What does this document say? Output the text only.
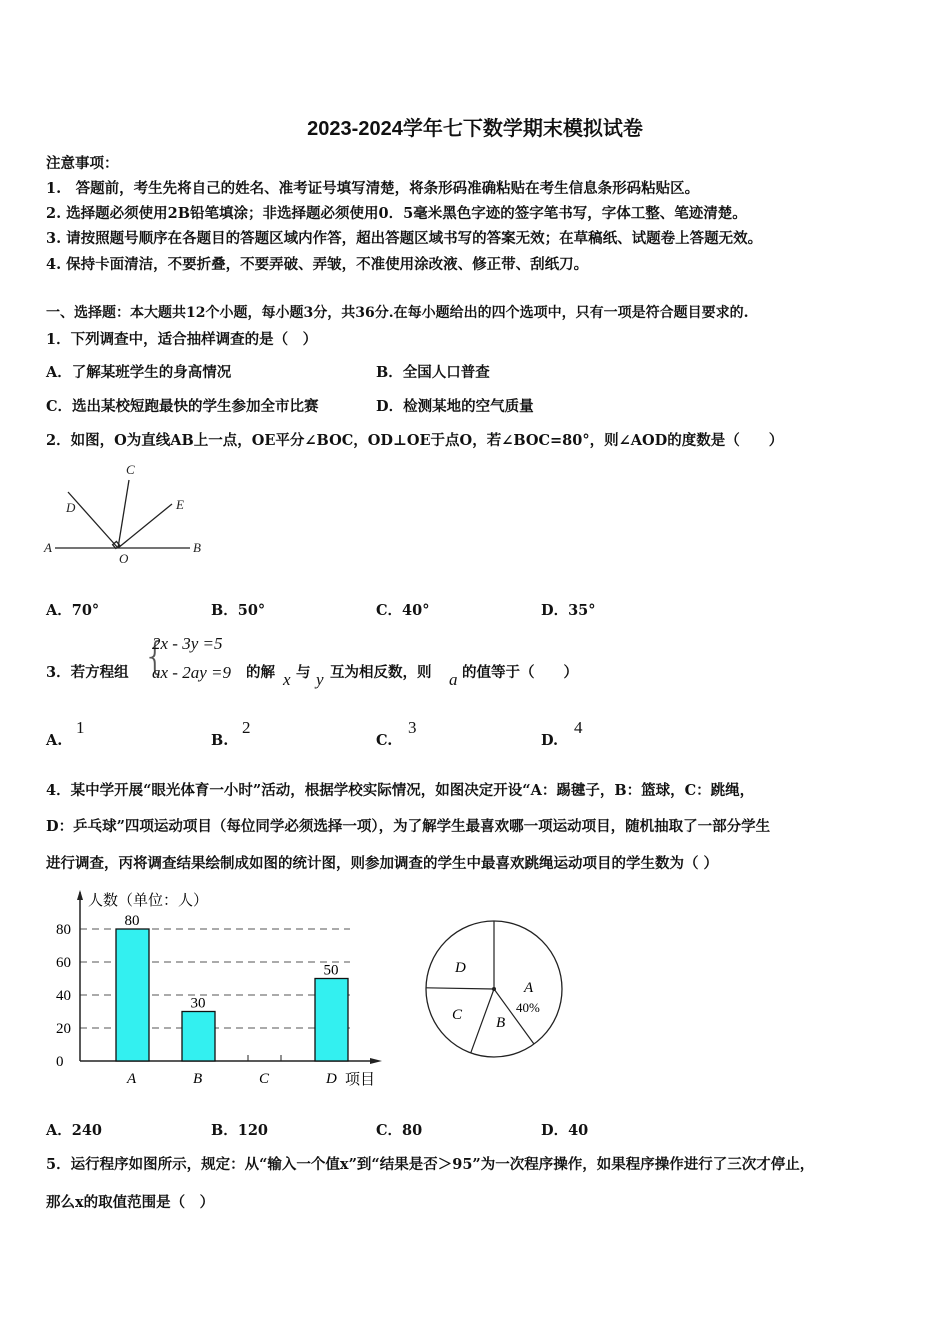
2023-2024学年七下数学期末模拟试卷
注意事项：
1.　答题前，考生先将自己的姓名、准考证号填写清楚，将条形码准确粘贴在考生信息条形码粘贴区。
2. 选择题必须使用2B铅笔填涂；非选择题必须使用0．5毫米黑色字迹的签字笔书写，字体工整、笔迹清楚。
3. 请按照题号顺序在各题目的答题区域内作答，超出答题区域书写的答案无效；在草稿纸、试题卷上答题无效。
4. 保持卡面清洁，不要折叠，不要弄破、弄皱，不准使用涂改液、修正带、刮纸刀。
一、选择题：本大题共12个小题，每小题3分，共36分.在每小题给出的四个选项中，只有一项是符合题目要求的.
1．下列调查中，适合抽样调查的是（　）
A．了解某班学生的身高情况	B．全国人口普查
C．选出某校短跑最快的学生参加全市比赛	D．检测某地的空气质量
2．如图，O为直线AB上一点，OE平分∠BOC，OD⊥OE于点O，若∠BOC=80°，则∠AOD的度数是（　　）
A	B
C
D	E
O
A．70°	B．50°	C．40°	D．35°
3．若方程组 {
2x - 3y =5
ax - 2ay =9 的解 x 与 y 互为相反数，则 a 的值等于（　　）
A.
1
B.
2
C.
3
D.
4
4．某中学开展“眼光体育一小时”活动，根据学校实际情况，如图决定开设“A：踢毽子，B：篮球，C：跳绳，
D：乒乓球”四项运动项目（每位同学必须选择一项），为了解学生最喜欢哪一项运动项目，随机抽取了一部分学生
进行调查，丙将调查结果绘制成如图的统计图，则参加调查的学生中最喜欢跳绳运动项目的学生数为（ ）
0
20
40
60
80
人数（单位：人）
项目
A
80
B
30
C	D
50
A
B
C
D
40%
A．240	B．120	C．80	D．40
5．运行程序如图所示，规定：从“输入一个值x”到“结果是否＞95”为一次程序操作，如果程序操作进行了三次才停止，
那么x的取值范围是（　）
